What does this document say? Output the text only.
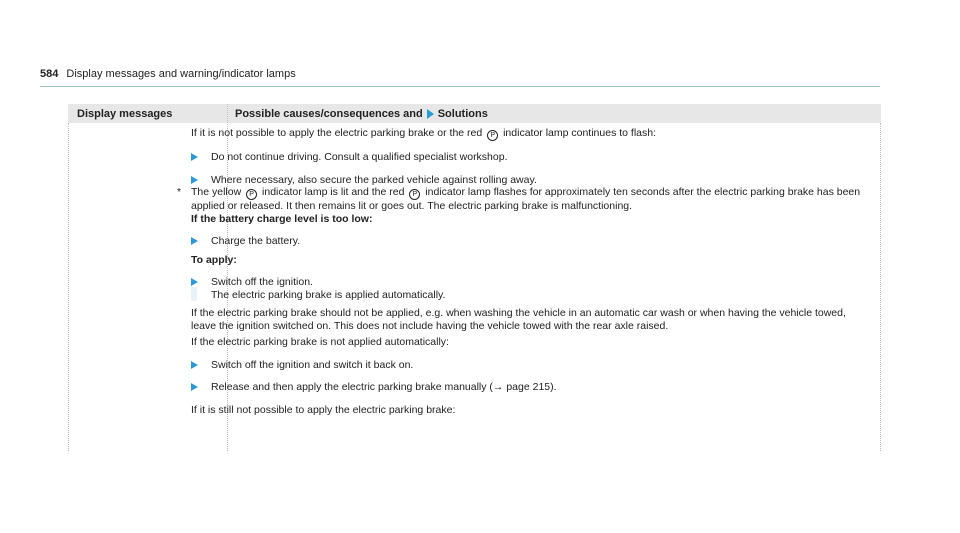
584 Display messages and warning/indicator lamps
Display messages	Possible causes/consequences and Solutions

If it is not possible to apply the electric parking brake or the red P indicator lamp continues to flash:

Do not continue driving. Consult a qualified specialist workshop.
Where necessary, also secure the parked vehicle against rolling away.
* The yellow P indicator lamp is lit and the red P indicator lamp flashes for approximately ten seconds after the electric parking brake has been applied or released. It then remains lit or goes out. The electric parking brake is malfunctioning.
If the battery charge level is too low:
Charge the battery.
To apply:
Switch off the ignition.
The electric parking brake is applied automatically.

If the electric parking brake should not be applied, e.g. when washing the vehicle in an automatic car wash or when having the vehicle towed, leave the ignition switched on. This does not include having the vehicle towed with the rear axle raised.

If the electric parking brake is not applied automatically:

Switch off the ignition and switch it back on.
Release and then apply the electric parking brake manually (→ page 215).

If it is still not possible to apply the electric parking brake:
